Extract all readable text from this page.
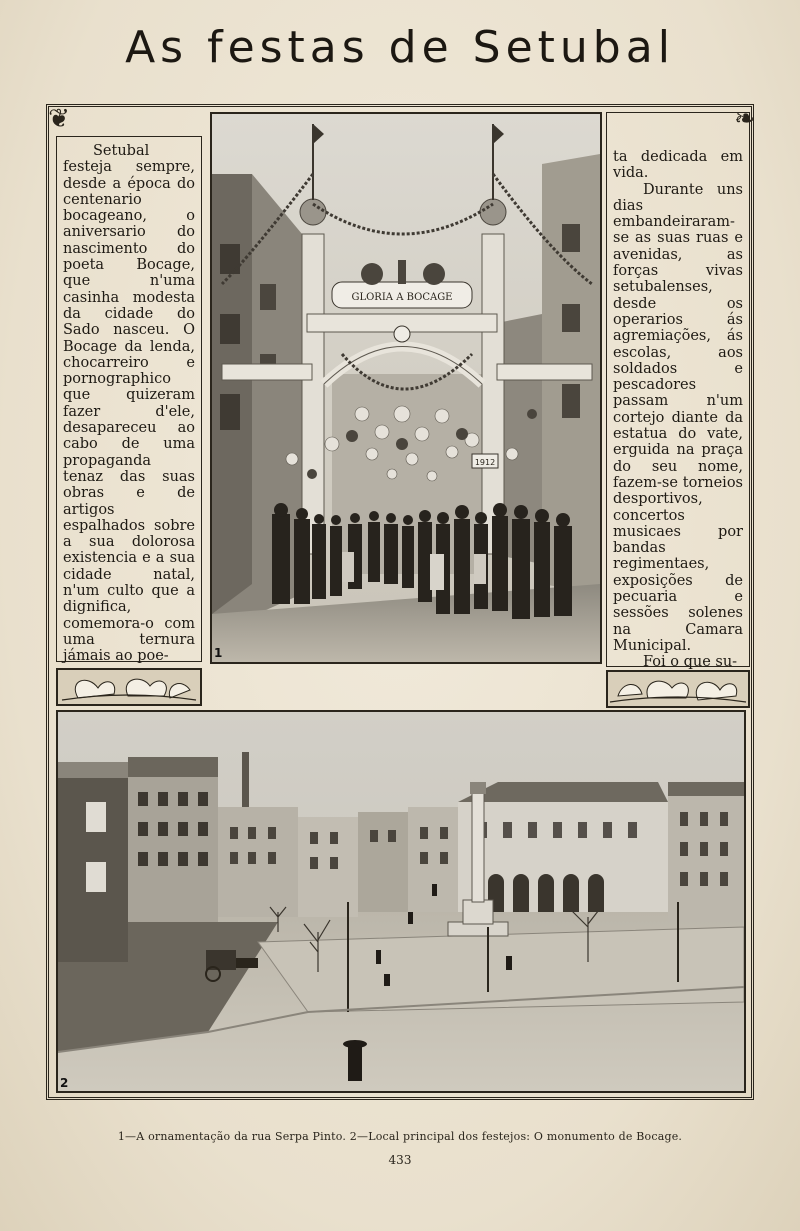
As festas de Setubal
❦	❧

Setubal festeja sempre, desde a época do centenario bocageano, o aniversario do nascimento do poeta Bocage, que n'uma casinha modesta da cidade do Sado nasceu. O Bocage da lenda, chocarreiro e pornographico que quizeram fazer d'ele, desapareceu ao cabo de uma propaganda tenaz das suas obras e de artigos espalhados sobre a sua dolorosa existencia e a sua cidade natal, n'um culto que a dignifica, comemora-o com uma ternura jámais ao poe-

GLORIA A BOCAGE
1912
1

ta dedicada em vida.

Durante uns dias embandeiraram-se as suas ruas e avenidas, as forças vivas setubalenses, desde os operarios ás agremiações, ás escolas, aos soldados e pescadores passam n'um cortejo diante da estatua do vate, erguida na praça do seu nome, fazem-se torneios desportivos, concertos musicaes por bandas regimentaes, exposições de pecuaria e sessões solenes na Camara Municipal.

Foi o que su-

2
1—A ornamentação da rua Serpa Pinto. 2—Local principal dos festejos: O monumento de Bocage.
433
